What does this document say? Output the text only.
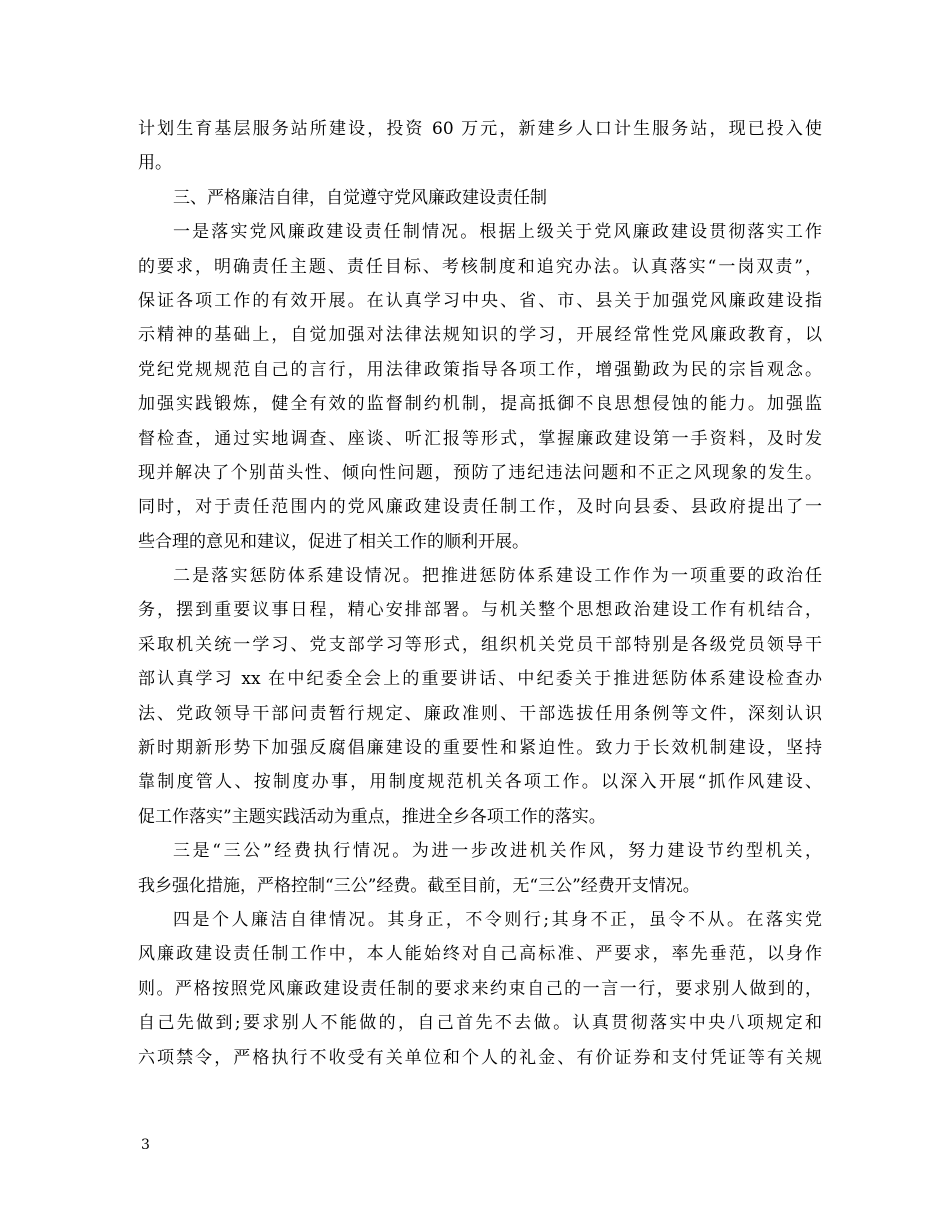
计划生育基层服务站所建设，投资 60 万元，新建乡人口计生服务站，现已投入使
用。
三、严格廉洁自律，自觉遵守党风廉政建设责任制
一是落实党风廉政建设责任制情况。根据上级关于党风廉政建设贯彻落实工作
的要求，明确责任主题、责任目标、考核制度和追究办法。认真落实“一岗双责”，
保证各项工作的有效开展。在认真学习中央、省、市、县关于加强党风廉政建设指
示精神的基础上，自觉加强对法律法规知识的学习，开展经常性党风廉政教育，以
党纪党规规范自己的言行，用法律政策指导各项工作，增强勤政为民的宗旨观念。
加强实践锻炼，健全有效的监督制约机制，提高抵御不良思想侵蚀的能力。加强监
督检查，通过实地调查、座谈、听汇报等形式，掌握廉政建设第一手资料，及时发
现并解决了个别苗头性、倾向性问题，预防了违纪违法问题和不正之风现象的发生。
同时，对于责任范围内的党风廉政建设责任制工作，及时向县委、县政府提出了一
些合理的意见和建议，促进了相关工作的顺利开展。
二是落实惩防体系建设情况。把推进惩防体系建设工作作为一项重要的政治任
务，摆到重要议事日程，精心安排部署。与机关整个思想政治建设工作有机结合，
采取机关统一学习、党支部学习等形式，组织机关党员干部特别是各级党员领导干
部认真学习 xx 在中纪委全会上的重要讲话、中纪委关于推进惩防体系建设检查办
法、党政领导干部问责暂行规定、廉政准则、干部选拔任用条例等文件，深刻认识
新时期新形势下加强反腐倡廉建设的重要性和紧迫性。致力于长效机制建设，坚持
靠制度管人、按制度办事，用制度规范机关各项工作。以深入开展“抓作风建设、
促工作落实”主题实践活动为重点，推进全乡各项工作的落实。
三是“三公”经费执行情况。为进一步改进机关作风，努力建设节约型机关，
我乡强化措施，严格控制“三公”经费。截至目前，无“三公”经费开支情况。
四是个人廉洁自律情况。其身正，不令则行;其身不正，虽令不从。在落实党
风廉政建设责任制工作中，本人能始终对自己高标准、严要求，率先垂范，以身作
则。严格按照党风廉政建设责任制的要求来约束自己的一言一行，要求别人做到的，
自己先做到;要求别人不能做的，自己首先不去做。认真贯彻落实中央八项规定和
六项禁令，严格执行不收受有关单位和个人的礼金、有价证券和支付凭证等有关规
3
